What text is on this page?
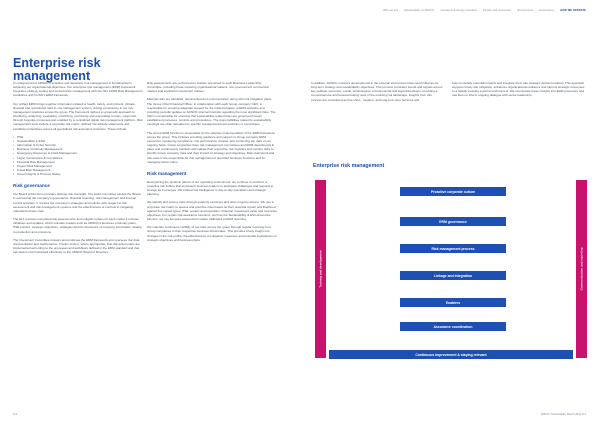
Who we are Sustainability at ADNOC Climate and energy transition People and community Environment Governance HOW WE OPERATE
Enterprise risk management

An integral part of ADNOC's activities and decisions, risk management is fundamental to achieving our organizational objectives. Our enterprise risk management (ERM) framework integrates strategy setting and performance management with the ISO 31000 Risk Management Guidelines and COSO's ERM framework.

Our unified ERM brings together information related to health, safety, environment, climate, financial and operational risks in one management system, driving consistency in our risk management practices across the group. The framework defines a systematic approach to identifying, analyzing, evaluating, prioritizing, monitoring and responding to risks, supported through bespoke processes and enabled by a centralized digital risk management platform. Risk management tools include a corporate risk matrix, defined risk attitude statements and established interfaces across all specialized risk assurance functions. These include:

• HSE
• Sustainability & ESG
• Information & Cyber Security
• Business Continuity Management
• Emergency Response & Crisis Management
• Legal, Governance & Compliance
• Financial Risk Management
• Project Risk Management
• Fraud Risk Management
• Asset Integrity & Process Safety
Risk governance

Our Board of Directors provides ultimate risk oversight. The Audit Committee assists the Board in overseeing the company's governance, financial reporting, risk management and internal control activities. It reviews the company's strategies and policies with respect to risk assessment and risk management systems and the effectiveness of controls to mitigating material business risks.

The ELT receives completed risk assessments and mitigation plans for each matter it reviews. Initiatives and updates, which includes matters such as ADNOC's business continuity plans, HSE policies, strategic objectives, strategies and the disclosure of company information relating to production and emissions.

The Investment Committee reviews and endorses the ERM framework and oversees risk data documentation and maintenance. It helps ensure, where appropriate, that risk action plans are implemented according to the processes and workflows defined in the ERM standard and that risk data is communicated effectively to the ADNOC Board of Directors.

Risk assessments are performed for matters presented to each Business Leadership Committee, including those involving organizational matters, non-procurement commercial matters and significant investment matters.

Material risks are identified, documented and communicated, along with risk mitigation plans. The Group Chief Financial Officer, in collaboration with each Group company CEO, is responsible for ensuring adequate support for the implementation of ERM activities and providing periodic updates to ADNOC Internal Controls regarding the most significant risks. The CEO is responsible for ensuring that sustainability-related risks are governed through established processes, controls and procedures. The responsibilities related to sustainability oversight are often delegated to specific management-level positions or committees.

The Group ERM function is responsible for the effective implementation of the ERM framework across the group. This includes providing guidance and support to Group company ERM personnel, monitoring compliance, risk performance reviews, and monitoring top risks on an ongoing basis. Group companies have risk management committees and ERM departments in place and continuously maintain and update their respective risk registers and monitor risks to identify Group company risks and their impact on strategy and objectives. Risk champions and risk owners are responsible for risk management of specified business functions and for managing action plans.

Risk management

Recognizing the dynamic nature of our operating environment, we continue to reinforce a proactive risk culture that empowers business leaders to anticipate challenges and respond to change as it emerges. We embed risk intelligence in day-to-day operations and strategic planning.

We identify and assess risks through quarterly exercises and other ongoing actions. We use a corporate risk matrix to assess and prioritize risks based on their potential impact and likelihood against five impact types: HSE, society and reputation, financial, investment value and corporate objectives. For certain risk assurance functions, such as the Sustainability & ESG Executive function, we use bespoke assessment scales calibrated to ERM reporting.

We maintain continuous visibility of top risks across the group through regular reporting from Group companies to their respective business directorates. This provides timely insight into changes in the risk profile, the effectiveness of mitigation measures and potential implications on strategic objectives and business plans.

In addition, ADNOC monitors developments in the external environment that could influence its long-term strategy and sustainability objectives. This process considers trends and signals across key political, economic, social, technological, environmental and legal dimensions, providing a comprehensive and forward-looking view of the evolving risk landscape. Insights from this process are considered across short-, medium- and long-term time horizons and

help us identify potential impacts and integrate them into strategic decision-making. This approach supports timely risk mitigation, enhances organizational resilience and informs strategic responses to a rapidly evolving external environment. We incorporate these insights into ERM processes and use them to inform ongoing dialogue with senior leadership.

Enterprise risk management
Training and development	Communication and reporting
Proactive corporate culture
ERM governance
Risk management process
Linkage and integration
Enablers
Assurance coordination
Continuous improvement & staying relevant
113	ADNOC Sustainability Report 2024 114
